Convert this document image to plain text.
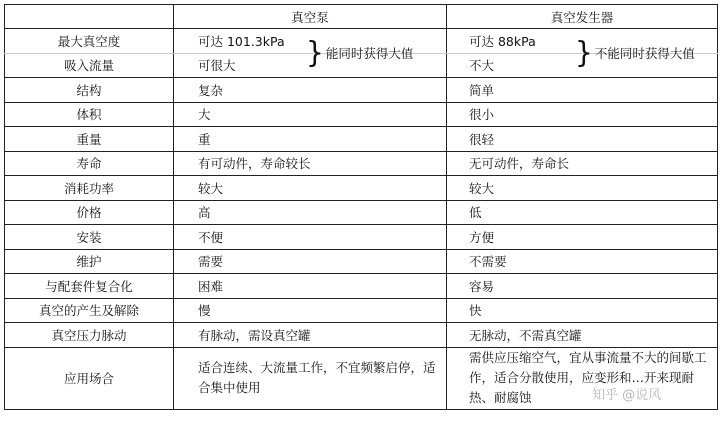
	真空泵	真空发生器
最大真空度	可达 101.3kPa	可达 88kPa

吸入流量	可很大	不大
结构	复杂	简单
体积	大	很小
重量	重	很轻
寿命	有可动件，寿命较长	无可动件，寿命长
消耗功率	较大	较大
价格	高	低
安装	不便	方便
维护	需要	不需要
与配套件复合化	困难	容易
真空的产生及解除	慢	快
真空压力脉动	有脉动，需设真空罐	无脉动，不需真空罐
应用场合	适合连续、大流量工作，不宜频繁启停，适合集中使用	需供应压缩空气，宜从事流量不大的间歇工作，适合分散使用，应变形和…开来现耐热、耐腐蚀
} 能同时获得大值	} 不能同时获得大值
知乎 @说风
